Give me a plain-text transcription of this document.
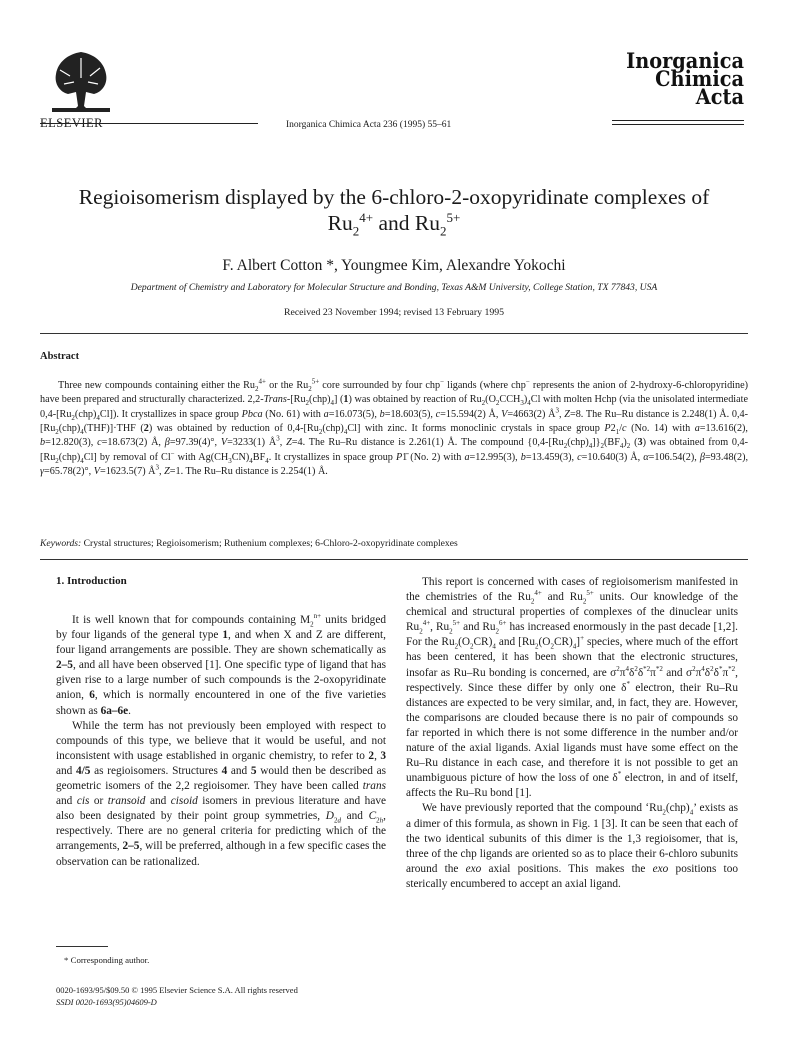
ELSEVIER	Inorganica Chimica Acta 236 (1995) 55–61
Inorganica
Chimica Acta
Regioisomerism displayed by the 6-chloro-2-oxopyridinate complexes of
$Ru_2^{4+}$ and $Ru_2^{5+}$
F. Albert Cotton *, Youngmee Kim, Alexandre Yokochi
Department of Chemistry and Laboratory for Molecular Structure and Bonding, Texas A&M University, College Station, TX 77843, USA
Received 23 November 1994; revised 13 February 1995
Abstract
Three new compounds containing either the $Ru_2^{4+}$ or the $Ru_2^{5+}$ core surrounded by four chp− ligands (where chp− represents the anion of 2-hydroxy-6-chloropyridine) have been prepared and structurally characterized. $2,2-Trans-[Ru_2(chp)_4]$ (1) was obtained by reaction of $Ru_2(O_2CCH_3)_4Cl$ with molten Hchp (via the unisolated intermediate $0,4-[Ru_2(chp)_4Cl]$). It crystallizes in space group Pbca (No. 61) with a=16.073(5), b=18.603(5), c=15.594(2) Å, V=4663(2) $Å^3$, Z=8. The Ru–Ru distance is 2.248(1) Å. $0,4-[Ru_2(chp)_4(THF)]\cdot THF$ (2) was obtained by reduction of $0,4-[Ru_2(chp)_4Cl]$ with zinc. It forms monoclinic crystals in space group $P2_1/c$ (No. 14) with a=13.616(2), b=12.820(3), c=18.673(2) Å, β=97.39(4)°, V=3233(1) $Å^3$, Z=4. The Ru–Ru distance is 2.261(1) Å. The compound $\{0,4-[Ru_2(chp)_4]\}_2(BF_4)_2$ (3) was obtained from $0,4-[Ru_2(chp)_4Cl]$ by removal of Cl− with $Ag(CH_3CN)_4BF_4$. It crystallizes in space group P1̄ (No. 2) with a=12.995(3), b=13.459(3), c=10.640(3) Å, α=106.54(2), β=93.48(2), γ=65.78(2)°, V=1623.5(7) $Å^3$, Z=1. The Ru–Ru distance is 2.254(1) Å.
Keywords: Crystal structures; Regioisomerism; Ruthenium complexes; 6-Chloro-2-oxopyridinate complexes
1. Introduction

It is well known that for compounds containing $M_2^{n+}$ units bridged by four ligands of the general type 1, and when X and Z are different, four ligand arrangements are possible. They are shown schematically as 2–5, and all have been observed [1]. One specific type of ligand that has given rise to a large number of such compounds is the 2-oxopyridinate anion, 6, which is normally encountered in one of the five varieties shown as 6a–6e.

While the term has not previously been employed with respect to compounds of this type, we believe that it would be useful, and not inconsistent with usage established in organic chemistry, to refer to 2, 3 and 4/5 as regioisomers. Structures 4 and 5 would then be described as geometric isomers of the 2,2 regioisomer. They have been called trans and cis or transoid and cisoid isomers in previous literature and have also been designated by their point group symmetries, $D_{2d}$ and $C_{2h}$, respectively. There are no general criteria for predicting which of the arrangements, 2–5, will be preferred, although in a few specific cases the observation can be rationalized.

This report is concerned with cases of regioisomerism manifested in the chemistries of the $Ru_2^{4+}$ and $Ru_2^{5+}$ units. Our knowledge of the chemical and structural properties of complexes of the dinuclear units $Ru_2^{4+}$, $Ru_2^{5+}$ and $Ru_2^{6+}$ has increased enormously in the past decade [1,2]. For the $Ru_2(O_2CR)_4$ and $[Ru_2(O_2CR)_4]^+$ species, where much of the effort has been centered, it has been shown that the electronic structures, insofar as Ru–Ru bonding is concerned, are $\sigma^2\pi^4\delta^2\delta^{*2}\pi^{*2}$ and $\sigma^2\pi^4\delta^2\delta^*\pi^{*2}$, respectively. Since these differ by only one δ* electron, their Ru–Ru distances are expected to be very similar, and, in fact, they are. However, the comparisons are clouded because there is no pair of compounds so far reported in which there is not some difference in the number and/or nature of the axial ligands. Axial ligands must have some effect on the Ru–Ru distance in each case, and therefore it is not possible to get an unambiguous picture of how the loss of one δ* electron, in and of itself, affects the Ru–Ru bond [1].

We have previously reported that the compound ‘$Ru_2(chp)_4$’ exists as a dimer of this formula, as shown in Fig. 1 [3]. It can be seen that each of the two identical subunits of this dimer is the 1,3 regioisomer, that is, three of the chp ligands are oriented so as to place their 6-chloro subunits around the exo axial positions. This makes the exo positions too sterically encumbered to accept an axial ligand.

* Corresponding author.
0020-1693/95/$09.50 © 1995 Elsevier Science S.A. All rights reserved
SSDI 0020-1693(95)04609-D
